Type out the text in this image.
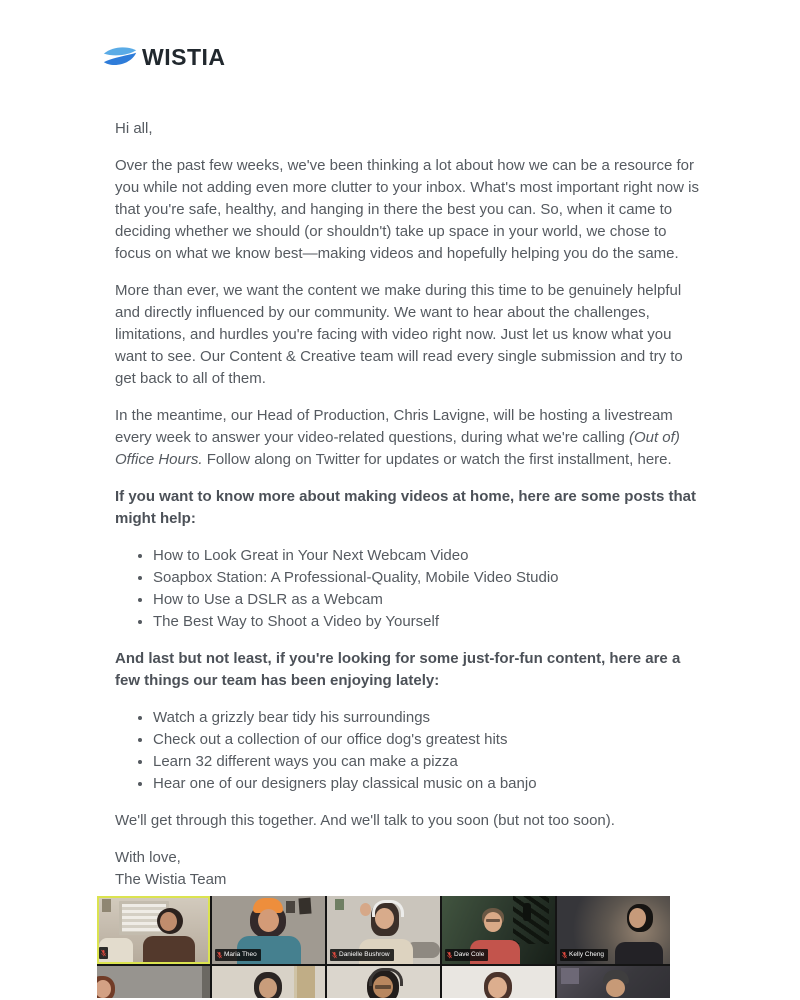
WISTIA

Hi all,

Over the past few weeks, we've been thinking a lot about how we can be a resource for you while not adding even more clutter to your inbox. What's most important right now is that you're safe, healthy, and hanging in there the best you can. So, when it came to deciding whether we should (or shouldn't) take up space in your world, we chose to focus on what we know best—making videos and hopefully helping you do the same.

More than ever, we want the content we make during this time to be genuinely helpful and directly influenced by our community. We want to hear about the challenges, limitations, and hurdles you're facing with video right now. Just let us know what you want to see. Our Content & Creative team will read every single submission and try to get back to all of them.

In the meantime, our Head of Production, Chris Lavigne, will be hosting a livestream every week to answer your video-related questions, during what we're calling (Out of) Office Hours. Follow along on Twitter for updates or watch the first installment, here.

If you want to know more about making videos at home, here are some posts that might help:

• How to Look Great in Your Next Webcam Video
• Soapbox Station: A Professional-Quality, Mobile Video Studio
• How to Use a DSLR as a Webcam
• The Best Way to Shoot a Video by Yourself

And last but not least, if you're looking for some just-for-fun content, here are a few things our team has been enjoying lately:

• Watch a grizzly bear tidy his surroundings
• Check out a collection of our office dog's greatest hits
• Learn 32 different ways you can make a pizza
• Hear one of our designers play classical music on a banjo

We'll get through this together. And we'll talk to you soon (but not too soon).

With love,
The Wistia Team

Maria Theo	Danielle Bushrow	Dave Cole	Kelly Cheng
